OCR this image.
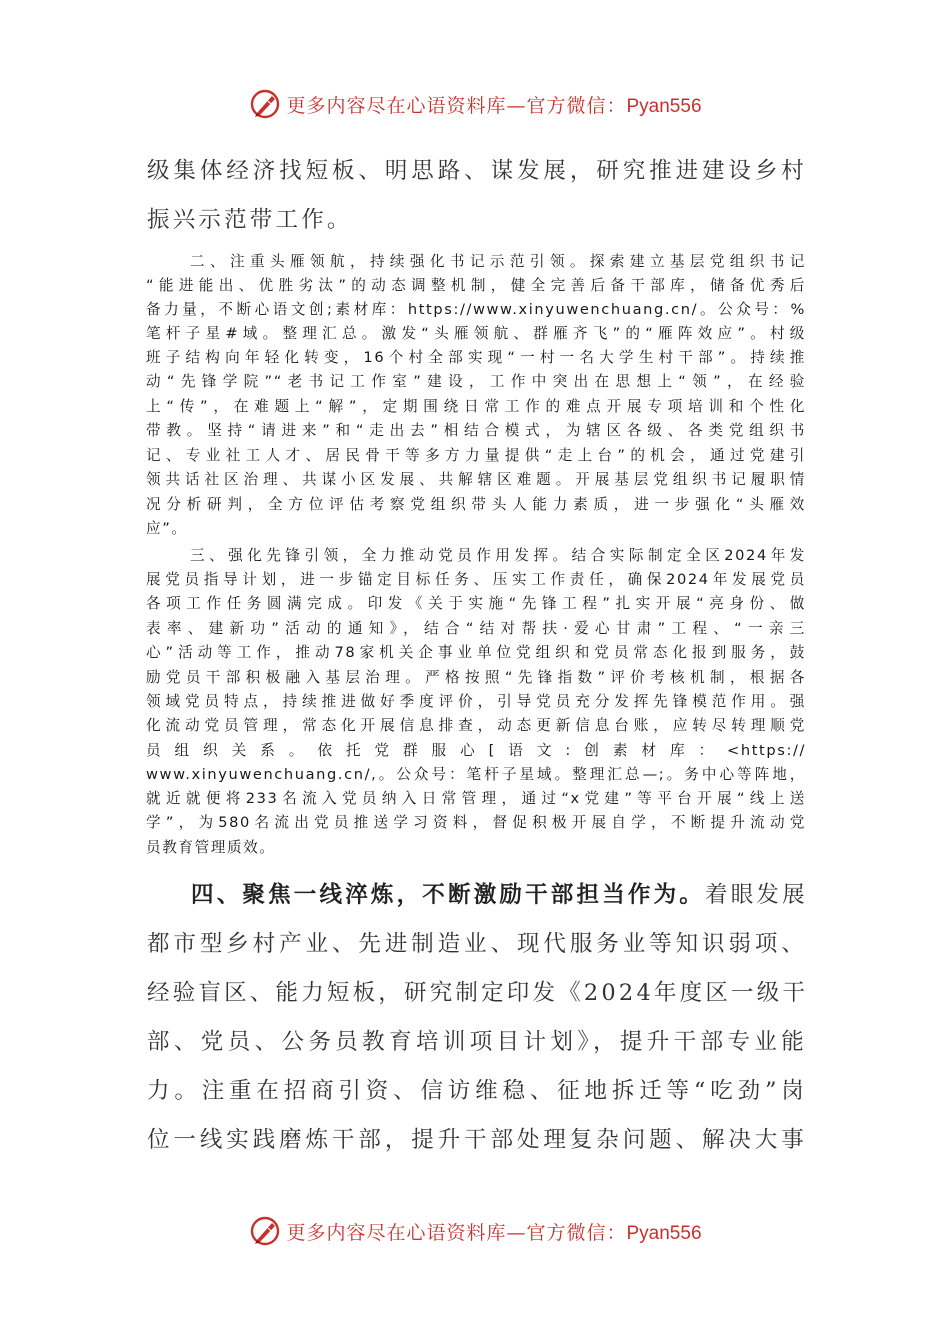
更多内容尽在心语资料库—官方微信：Pyan556

级集体经济找短板、明思路、谋发展，研究推进建设乡村

振兴示范带工作。

二、注重头雁领航，持续强化书记示范引领。探索建立基层党组织书记

“能进能出、优胜劣汰”的动态调整机制，健全完善后备干部库，储备优秀后

备力量，不断心语文创;素材库：https://www.xinyuwenchuang.cn/。公众号：%

笔杆子星#域。整理汇总。激发“头雁领航、群雁齐飞”的“雁阵效应”。村级

班子结构向年轻化转变，16个村全部实现“一村一名大学生村干部”。持续推

动“先锋学院”“老书记工作室”建设，工作中突出在思想上“领”，在经验

上“传”，在难题上“解”，定期围绕日常工作的难点开展专项培训和个性化

带教。坚持“请进来”和“走出去”相结合模式，为辖区各级、各类党组织书

记、专业社工人才、居民骨干等多方力量提供“走上台”的机会，通过党建引

领共话社区治理、共谋小区发展、共解辖区难题。开展基层党组织书记履职情

况分析研判，全方位评估考察党组织带头人能力素质，进一步强化“头雁效

应”。

三、强化先锋引领，全力推动党员作用发挥。结合实际制定全区2024年发

展党员指导计划，进一步锚定目标任务、压实工作责任，确保2024年发展党员

各项工作任务圆满完成。印发《关于实施“先锋工程”扎实开展“亮身份、做

表率、建新功”活动的通知》，结合“结对帮扶·爱心甘肃”工程、“一亲三

心”活动等工作，推动78家机关企事业单位党组织和党员常态化报到服务，鼓

励党员干部积极融入基层治理。严格按照“先锋指数”评价考核机制，根据各

领域党员特点，持续推进做好季度评价，引导党员充分发挥先锋模范作用。强

化流动党员管理，常态化开展信息排查，动态更新信息台账，应转尽转理顺党

员组织关系。依托党群服心[语文:创素材库：<https://

www.xinyuwenchuang.cn/,。公众号：笔杆子星域。整理汇总—;。务中心等阵地，

就近就便将233名流入党员纳入日常管理，通过“x党建”等平台开展“线上送

学”，为580名流出党员推送学习资料，督促积极开展自学，不断提升流动党

员教育管理质效。

四、聚焦一线淬炼，不断激励干部担当作为。着眼发展

都市型乡村产业、先进制造业、现代服务业等知识弱项、

经验盲区、能力短板，研究制定印发《2024年度区一级干

部、党员、公务员教育培训项目计划》，提升干部专业能

力。注重在招商引资、信访维稳、征地拆迁等“吃劲”岗

位一线实践磨炼干部，提升干部处理复杂问题、解决大事

更多内容尽在心语资料库—官方微信：Pyan556
